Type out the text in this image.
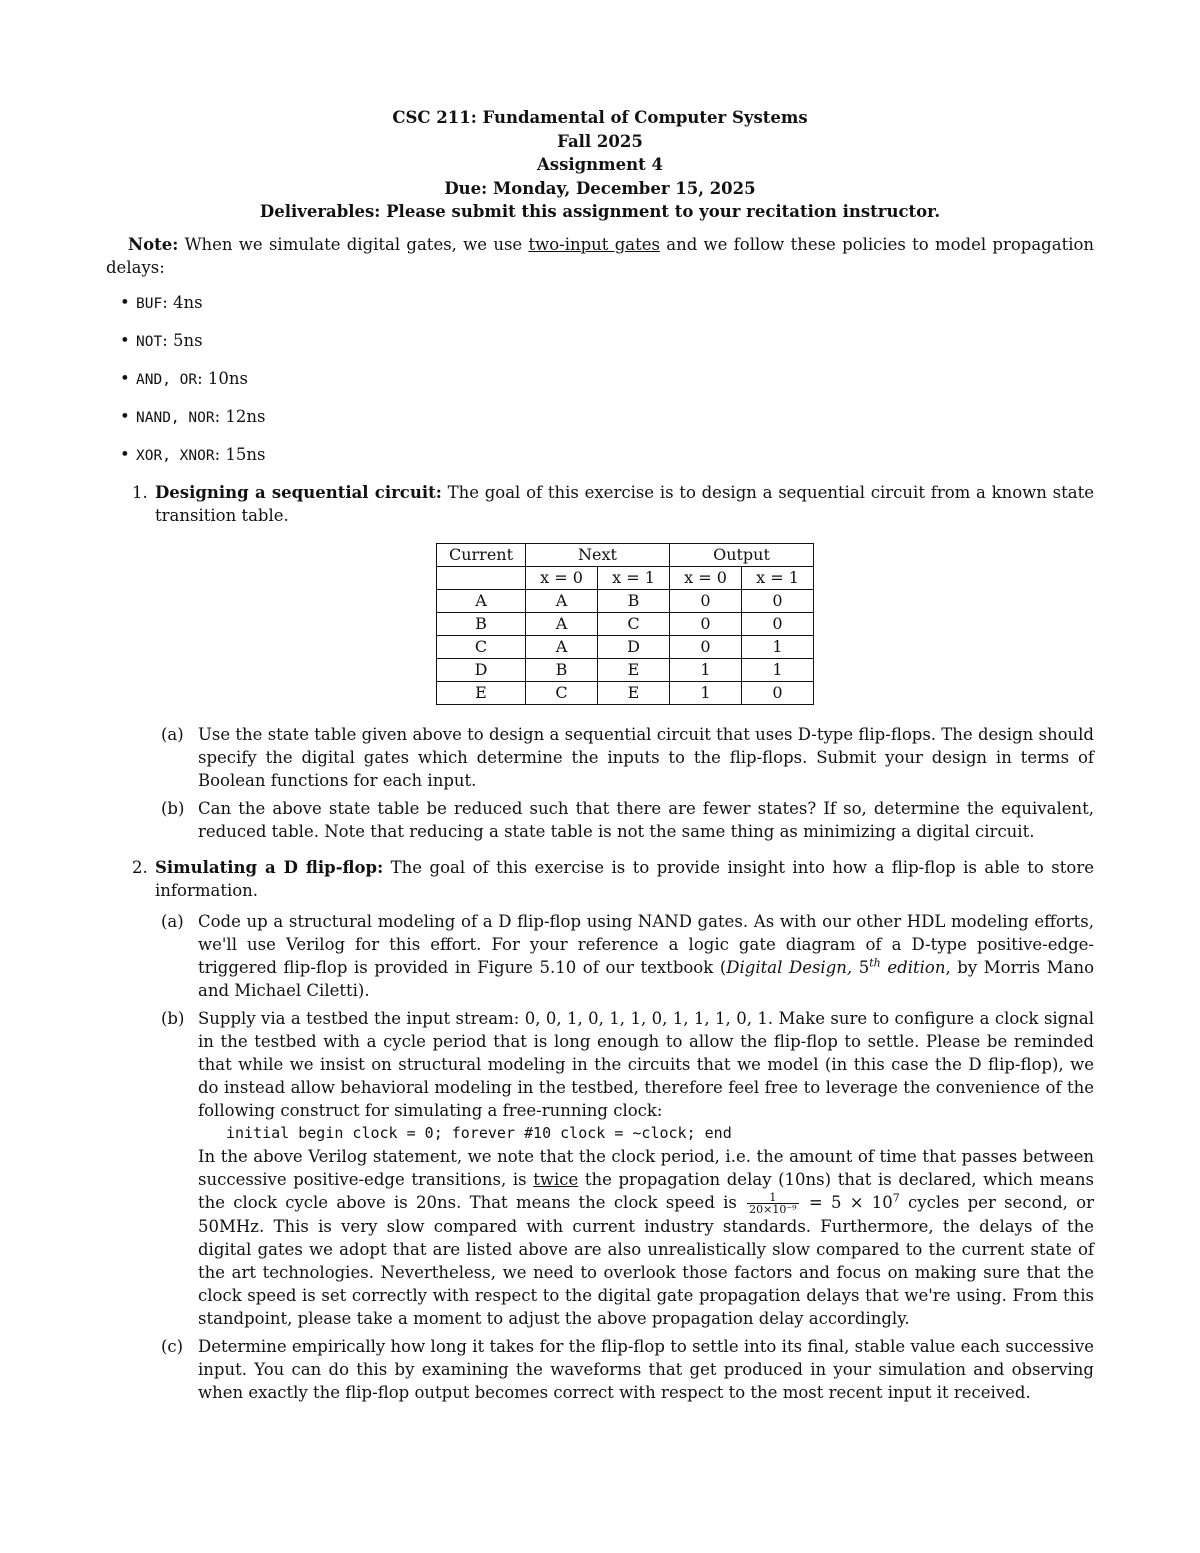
CSC 211: Fundamental of Computer Systems
Fall 2025
Assignment 4
Due: Monday, December 15, 2025
Deliverables: Please submit this assignment to your recitation instructor.
Note: When we simulate digital gates, we use two-input gates and we follow these policies to model propagation delays:
• BUF: 4ns
• NOT: 5ns
• AND, OR: 10ns
• NAND, NOR: 12ns
• XOR, XNOR: 15ns
1. Designing a sequential circuit: The goal of this exercise is to design a sequential circuit from a known state transition table.
Current	Next		Output	
	x = 0	x = 1	x = 0	x = 1
A	A	B	0	0
B	A	C	0	0
C	A	D	0	1
D	B	E	1	1
E	C	E	1	0
(a) Use the state table given above to design a sequential circuit that uses D-type flip-flops. The design should specify the digital gates which determine the inputs to the flip-flops. Submit your design in terms of Boolean functions for each input.
(b) Can the above state table be reduced such that there are fewer states? If so, determine the equivalent, reduced table. Note that reducing a state table is not the same thing as minimizing a digital circuit.
2. Simulating a D flip-flop: The goal of this exercise is to provide insight into how a flip-flop is able to store information.
(a) Code up a structural modeling of a D flip-flop using NAND gates. As with our other HDL modeling efforts, we'll use Verilog for this effort. For your reference a logic gate diagram of a D-type positive-edge-triggered flip-flop is provided in Figure 5.10 of our textbook (Digital Design, 5th edition, by Morris Mano and Michael Ciletti).
(b) Supply via a testbed the input stream: 0, 0, 1, 0, 1, 1, 0, 1, 1, 1, 0, 1. Make sure to configure a clock signal in the testbed with a cycle period that is long enough to allow the flip-flop to settle. Please be reminded that while we insist on structural modeling in the circuits that we model (in this case the D flip-flop), we do instead allow behavioral modeling in the testbed, therefore feel free to leverage the convenience of the following construct for simulating a free-running clock:
initial begin clock = 0; forever #10 clock = ~clock; end
In the above Verilog statement, we note that the clock period, i.e. the amount of time that passes between successive positive-edge transitions, is twice the propagation delay (10ns) that is declared, which means the clock cycle above is 20ns. That means the clock speed is $\frac{1}{\text{20×10⁻⁹}} = 5 \times 10^7$ cycles per second, or 50MHz. This is very slow compared with current industry standards. Furthermore, the delays of the digital gates we adopt that are listed above are also unrealistically slow compared to the current state of the art technologies. Nevertheless, we need to overlook those factors and focus on making sure that the clock speed is set correctly with respect to the digital gate propagation delays that we're using. From this standpoint, please take a moment to adjust the above propagation delay accordingly.
(c) Determine empirically how long it takes for the flip-flop to settle into its final, stable value each successive input. You can do this by examining the waveforms that get produced in your simulation and observing when exactly the flip-flop output becomes correct with respect to the most recent input it received.
